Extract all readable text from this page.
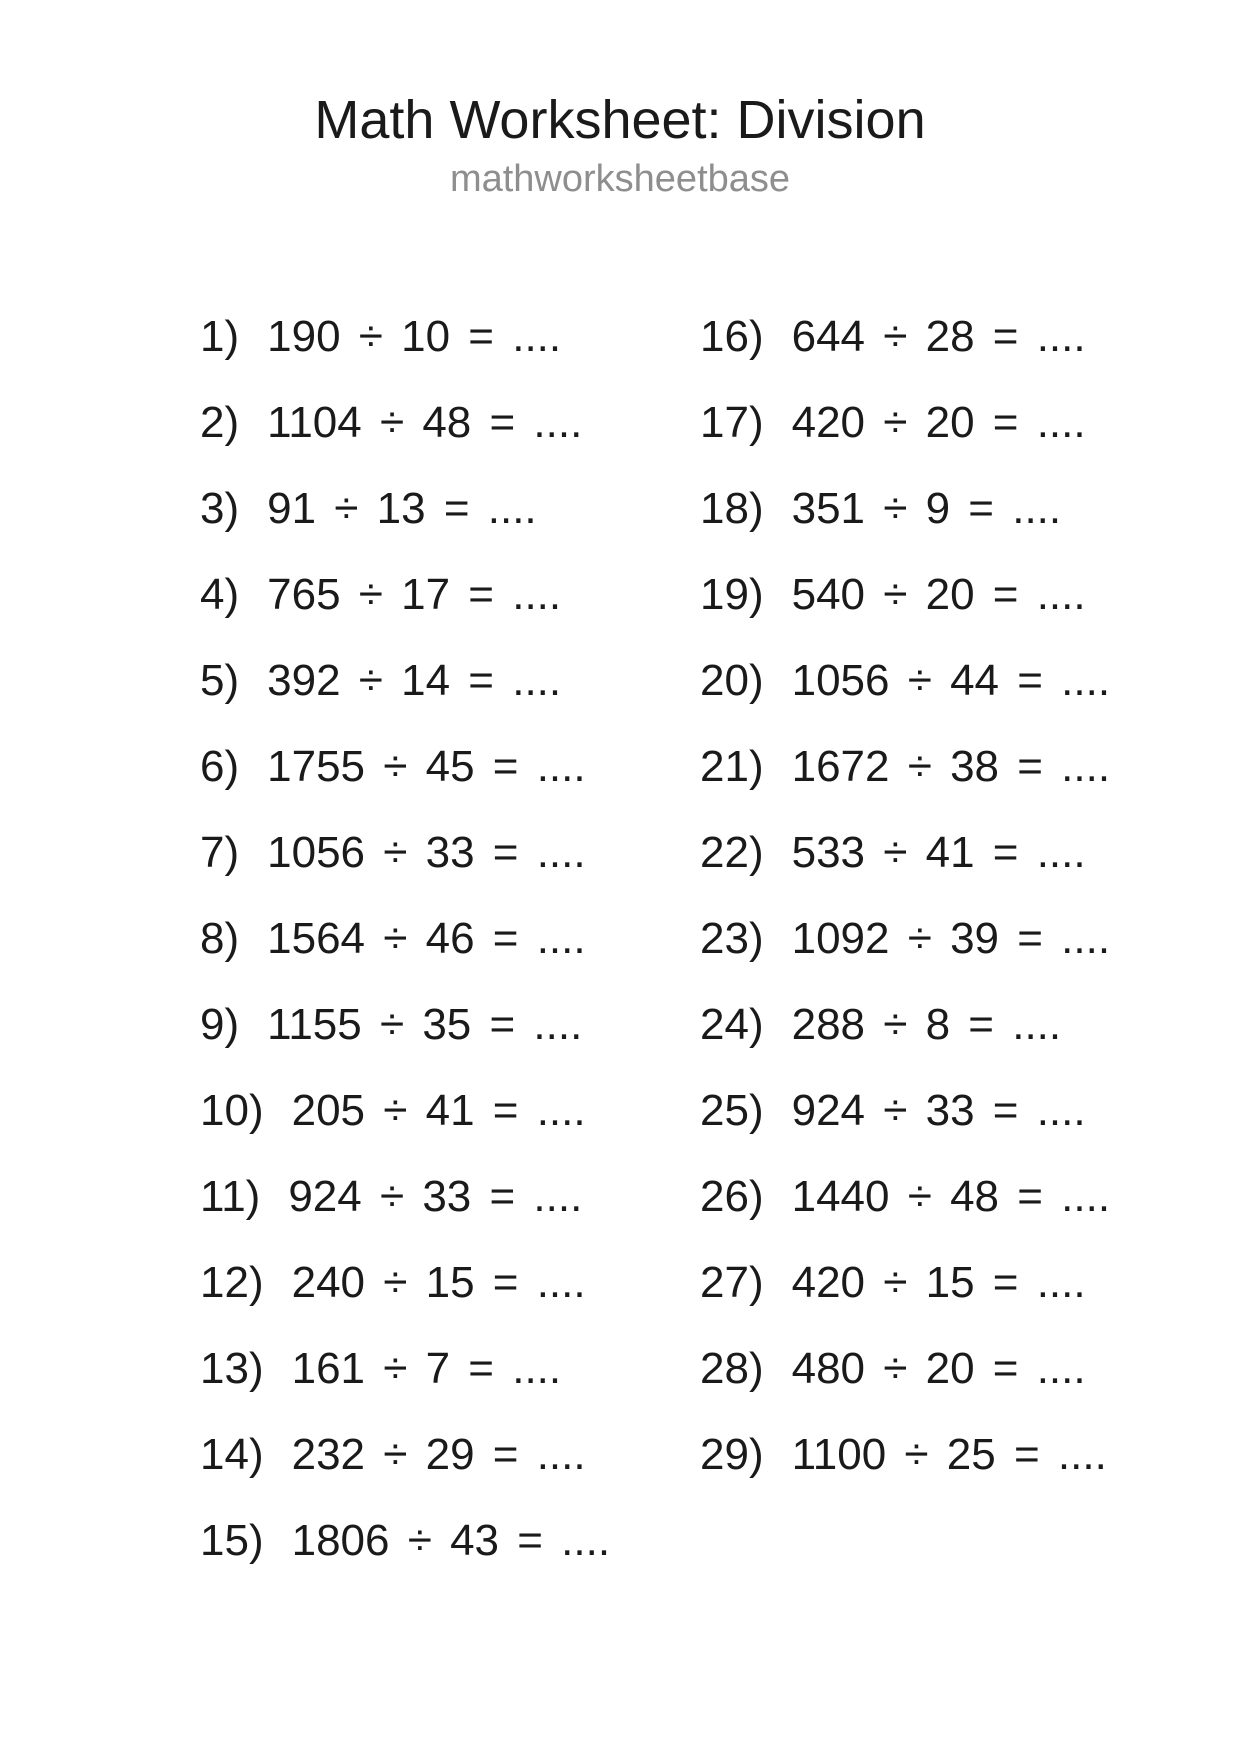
Math Worksheet: Division
mathworksheetbase
1) 190 ÷ 10 = ....
2) 1104 ÷ 48 = ....
3) 91 ÷ 13 = ....
4) 765 ÷ 17 = ....
5) 392 ÷ 14 = ....
6) 1755 ÷ 45 = ....
7) 1056 ÷ 33 = ....
8) 1564 ÷ 46 = ....
9) 1155 ÷ 35 = ....
10) 205 ÷ 41 = ....
11) 924 ÷ 33 = ....
12) 240 ÷ 15 = ....
13) 161 ÷ 7 = ....
14) 232 ÷ 29 = ....
15) 1806 ÷ 43 = ....
16) 644 ÷ 28 = ....
17) 420 ÷ 20 = ....
18) 351 ÷ 9 = ....
19) 540 ÷ 20 = ....
20) 1056 ÷ 44 = ....
21) 1672 ÷ 38 = ....
22) 533 ÷ 41 = ....
23) 1092 ÷ 39 = ....
24) 288 ÷ 8 = ....
25) 924 ÷ 33 = ....
26) 1440 ÷ 48 = ....
27) 420 ÷ 15 = ....
28) 480 ÷ 20 = ....
29) 1100 ÷ 25 = ....
